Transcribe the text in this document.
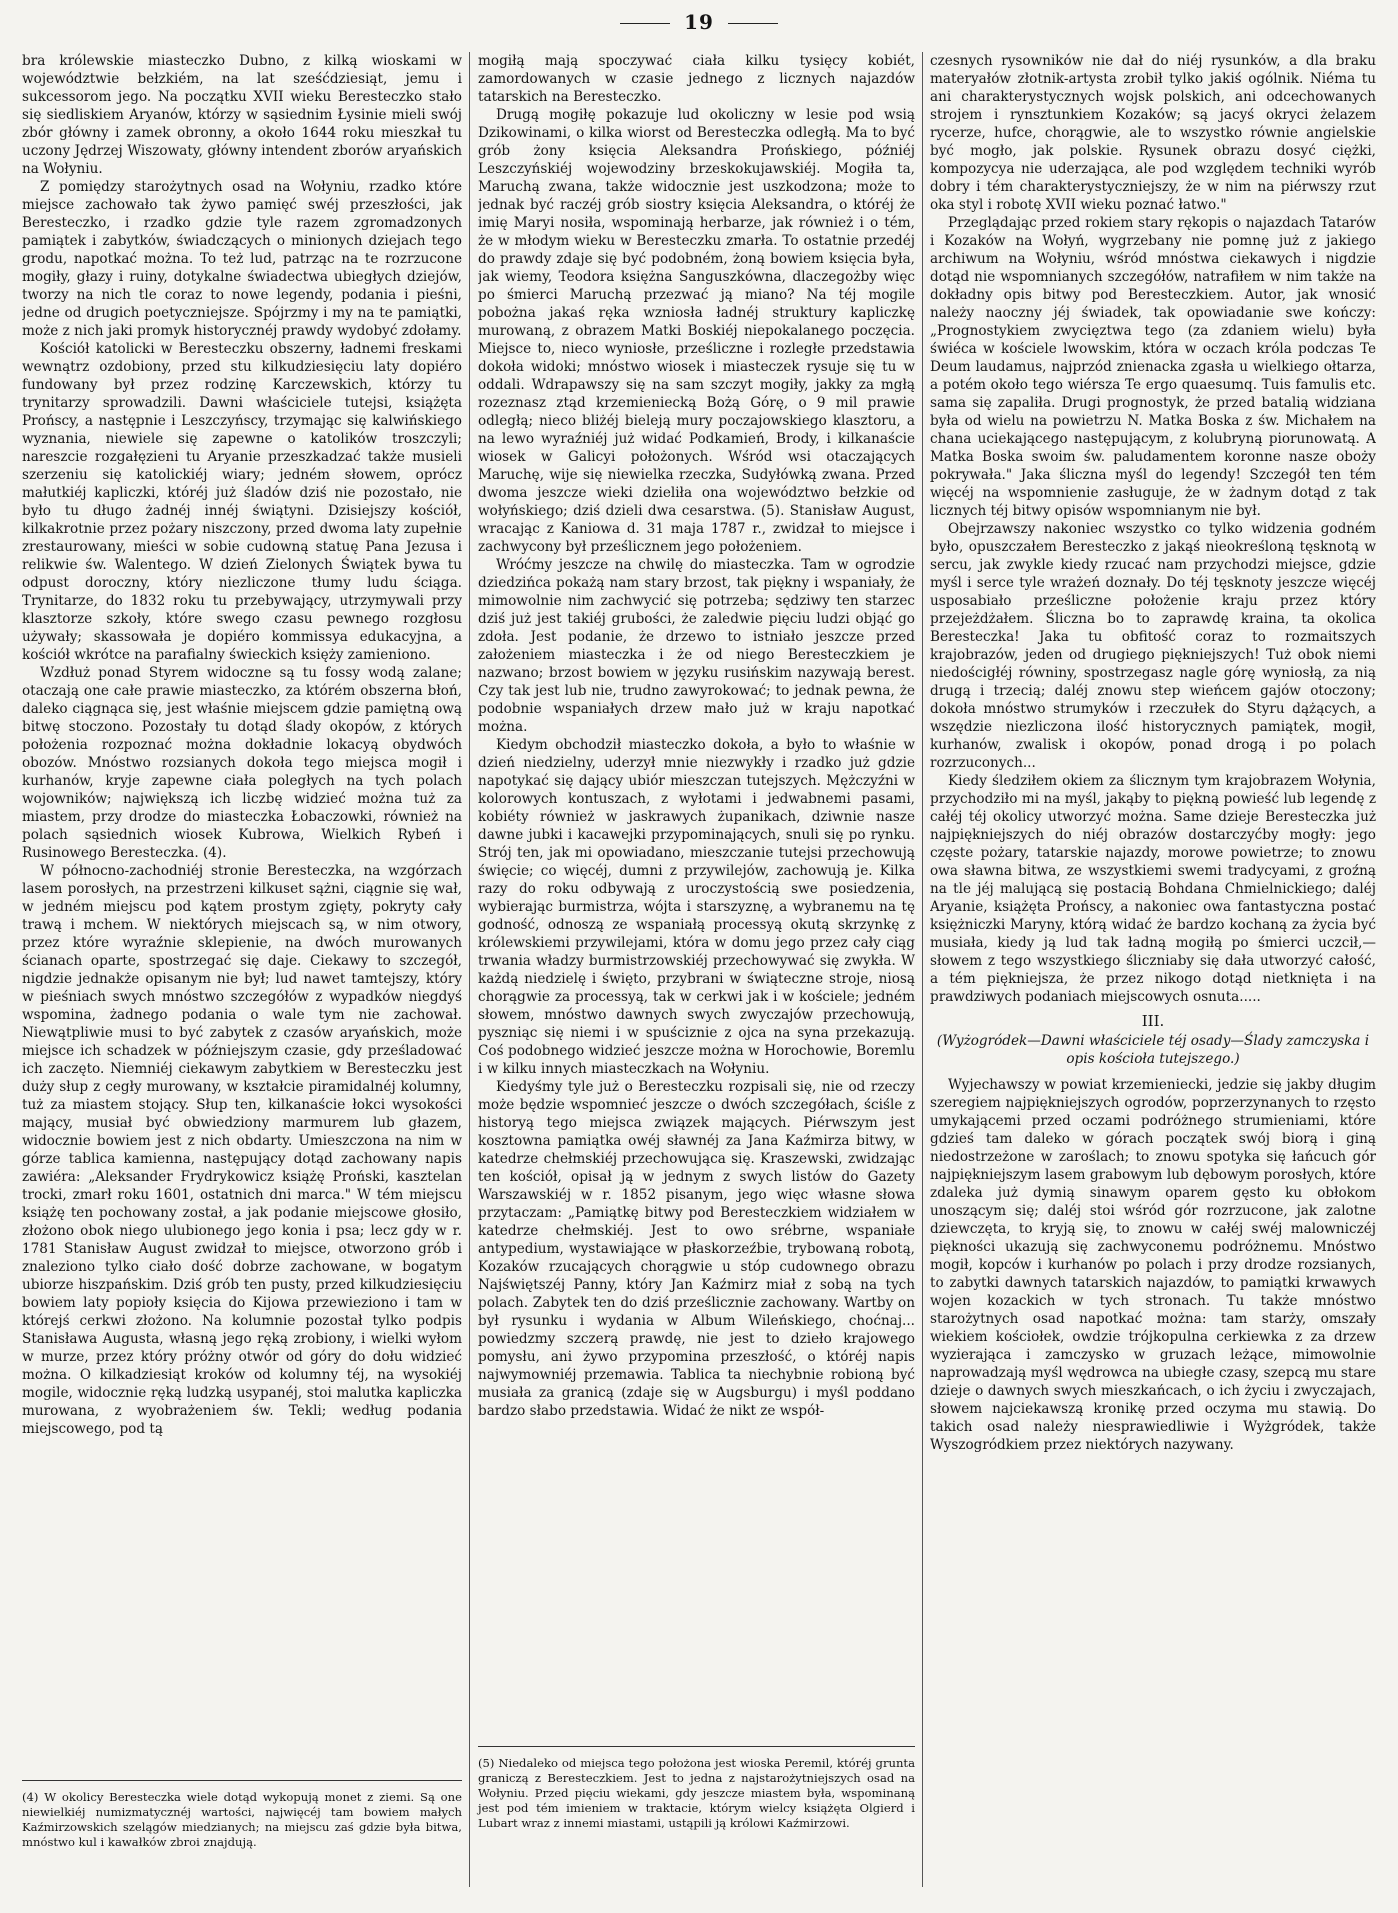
19

bra królewskie miasteczko Dubno, z kilką wioskami w województwie bełzkiém, na lat sześćdziesiąt, jemu i sukcessorom jego. Na początku XVII wieku Beresteczko stało się siedliskiem Aryanów, którzy w sąsiednim Łysinie mieli swój zbór główny i zamek obronny, a około 1644 roku mieszkał tu uczony Jędrzej Wiszowaty, główny intendent zborów aryańskich na Wołyniu.

Z pomiędzy starożytnych osad na Wołyniu, rzadko które miejsce zachowało tak żywo pamięć swéj przeszłości, jak Beresteczko, i rzadko gdzie tyle razem zgromadzonych pamiątek i zabytków, świadczących o minionych dziejach tego grodu, napotkać można. To też lud, patrząc na te rozrzucone mogiły, głazy i ruiny, dotykalne świadectwa ubiegłych dziejów, tworzy na nich tle coraz to nowe legendy, podania i pieśni, jedne od drugich poetyczniejsze. Spójrzmy i my na te pamiątki, może z nich jaki promyk historycznéj prawdy wydobyć zdołamy.

Kościół katolicki w Beresteczku obszerny, ładnemi freskami wewnątrz ozdobiony, przed stu kilkudziesięciu laty dopiéro fundowany był przez rodzinę Karczewskich, którzy tu trynitarzy sprowadzili. Dawni właściciele tutejsi, książęta Prońscy, a następnie i Leszczyńscy, trzymając się kalwińskiego wyznania, niewiele się zapewne o katolików troszczyli; nareszcie rozgałęzieni tu Aryanie przeszkadzać także musieli szerzeniu się katolickiéj wiary; jedném słowem, oprócz małutkiéj kapliczki, któréj już śladów dziś nie pozostało, nie było tu długo żadnéj innéj świątyni. Dzisiejszy kościół, kilkakrotnie przez pożary niszczony, przed dwoma laty zupełnie zrestaurowany, mieści w sobie cudowną statuę Pana Jezusa i relikwie św. Walentego. W dzień Zielonych Świątek bywa tu odpust doroczny, który niezliczone tłumy ludu ściąga. Trynitarze, do 1832 roku tu przebywający, utrzymywali przy klasztorze szkoły, które swego czasu pewnego rozgłosu używały; skassowała je dopiéro kommissya edukacyjna, a kościół wkrótce na parafialny świeckich księży zamieniono.

Wzdłuż ponad Styrem widoczne są tu fossy wodą zalane; otaczają one całe prawie miasteczko, za którém obszerna błoń, daleko ciągnąca się, jest właśnie miejscem gdzie pamiętną ową bitwę stoczono. Pozostały tu dotąd ślady okopów, z których położenia rozpoznać można dokładnie lokacyą obydwóch obozów. Mnóstwo rozsianych dokoła tego miejsca mogił i kurhanów, kryje zapewne ciała poległych na tych polach wojowników; największą ich liczbę widzieć można tuż za miastem, przy drodze do miasteczka Łobaczowki, również na polach sąsiednich wiosek Kubrowa, Wielkich Rybeń i Rusinowego Beresteczka. (4).

W północno-zachodniéj stronie Beresteczka, na wzgórzach lasem porosłych, na przestrzeni kilkuset sążni, ciągnie się wał, w jedném miejscu pod kątem prostym zgięty, pokryty cały trawą i mchem. W niektórych miejscach są, w nim otwory, przez które wyraźnie sklepienie, na dwóch murowanych ścianach oparte, spostrzegać się daje. Ciekawy to szczegół, nigdzie jednakże opisanym nie był; lud nawet tamtejszy, który w pieśniach swych mnóstwo szczegółów z wypadków niegdyś wspomina, żadnego podania o wale tym nie zachował. Niewątpliwie musi to być zabytek z czasów aryańskich, może miejsce ich schadzek w późniejszym czasie, gdy prześladować ich zaczęto. Niemniéj ciekawym zabytkiem w Beresteczku jest duży słup z cegły murowany, w kształcie piramidalnéj kolumny, tuż za miastem stojący. Słup ten, kilkanaście łokci wysokości mający, musiał być obwiedziony marmurem lub głazem, widocznie bowiem jest z nich obdarty. Umieszczona na nim w górze tablica kamienna, następujący dotąd zachowany napis zawiéra: „Aleksander Frydrykowicz książę Proński, kasztelan trocki, zmarł roku 1601, ostatnich dni marca." W tém miejscu książę ten pochowany został, a jak podanie miejscowe głosiło, złożono obok niego ulubionego jego konia i psa; lecz gdy w r. 1781 Stanisław August zwidzał to miejsce, otworzono grób i znaleziono tylko ciało dość dobrze zachowane, w bogatym ubiorze hiszpańskim. Dziś grób ten pusty, przed kilkudziesięciu bowiem laty popioły księcia do Kijowa przewieziono i tam w którejś cerkwi złożono. Na kolumnie pozostał tylko podpis Stanisława Augusta, własną jego ręką zrobiony, i wielki wyłom w murze, przez który próżny otwór od góry do dołu widzieć można. O kilkadziesiąt kroków od kolumny téj, na wysokiéj mogile, widocznie ręką ludzką usypanéj, stoi malutka kapliczka murowana, z wyobrażeniem św. Tekli; według podania miejscowego, pod tą

mogiłą mają spoczywać ciała kilku tysięcy kobiét, zamordowanych w czasie jednego z licznych najazdów tatarskich na Beresteczko.

Drugą mogiłę pokazuje lud okoliczny w lesie pod wsią Dzikowinami, o kilka wiorst od Beresteczka odległą. Ma to być grób żony księcia Aleksandra Prońskiego, późniéj Leszczyńskiéj wojewodziny brzeskokujawskiéj. Mogiła ta, Maruchą zwana, także widocznie jest uszkodzona; może to jednak być raczéj grób siostry księcia Aleksandra, o któréj że imię Maryi nosiła, wspominają herbarze, jak również i o tém, że w młodym wieku w Beresteczku zmarła. To ostatnie przedéj do prawdy zdaje się być podobném, żoną bowiem księcia była, jak wiemy, Teodora księżna Sanguszkówna, dlaczegożby więc po śmierci Maruchą przezwać ją miano? Na téj mogile pobożna jakaś ręka wzniosła ładnéj struktury kapliczkę murowaną, z obrazem Matki Boskiéj niepokalanego poczęcia. Miejsce to, nieco wyniosłe, prześliczne i rozległe przedstawia dokoła widoki; mnóstwo wiosek i miasteczek rysuje się tu w oddali. Wdrapawszy się na sam szczyt mogiły, jakky za mgłą rozeznasz ztąd krzemieniecką Bożą Górę, o 9 mil prawie odległą; nieco bliżéj bieleją mury poczajowskiego klasztoru, a na lewo wyraźniéj już widać Podkamień, Brody, i kilkanaście wiosek w Galicyi położonych. Wśród wsi otaczających Maruchę, wije się niewielka rzeczka, Sudyłówką zwana. Przed dwoma jeszcze wieki dzieliła ona województwo bełzkie od wołyńskiego; dziś dzieli dwa cesarstwa. (5). Stanisław August, wracając z Kaniowa d. 31 maja 1787 r., zwidzał to miejsce i zachwycony był prześlicznem jego położeniem.

Wróćmy jeszcze na chwilę do miasteczka. Tam w ogrodzie dziedzińca pokażą nam stary brzost, tak piękny i wspaniały, że mimowolnie nim zachwycić się potrzeba; sędziwy ten starzec dziś już jest takiéj grubości, że zaledwie pięciu ludzi objąć go zdoła. Jest podanie, że drzewo to istniało jeszcze przed założeniem miasteczka i że od niego Beresteczkiem je nazwano; brzost bowiem w języku rusińskim nazywają berest. Czy tak jest lub nie, trudno zawyrokować; to jednak pewna, że podobnie wspaniałych drzew mało już w kraju napotkać można.

Kiedym obchodził miasteczko dokoła, a było to właśnie w dzień niedzielny, uderzył mnie niezwykły i rzadko już gdzie napotykać się dający ubiór mieszczan tutejszych. Mężczyźni w kolorowych kontuszach, z wyłotami i jedwabnemi pasami, kobiéty również w jaskrawych żupanikach, dziwnie nasze dawne jubki i kacawejki przypominających, snuli się po rynku. Strój ten, jak mi opowiadano, mieszczanie tutejsi przechowują święcie; co więcéj, dumni z przywilejów, zachowują je. Kilka razy do roku odbywają z uroczystością swe posiedzenia, wybierając burmistrza, wójta i starszyznę, a wybranemu na tę godność, odnoszą ze wspaniałą processyą okutą skrzynkę z królewskiemi przywilejami, która w domu jego przez cały ciąg trwania władzy burmistrzowskiéj przechowywać się zwykła. W każdą niedzielę i święto, przybrani w świąteczne stroje, niosą chorągwie za processyą, tak w cerkwi jak i w kościele; jedném słowem, mnóstwo dawnych swych zwyczajów przechowują, pyszniąc się niemi i w spuściznie z ojca na syna przekazują. Coś podobnego widzieć jeszcze można w Horochowie, Boremlu i w kilku innych miasteczkach na Wołyniu.

Kiedyśmy tyle już o Beresteczku rozpisali się, nie od rzeczy może będzie wspomnieć jeszcze o dwóch szczegółach, ściśle z historyą tego miejsca związek mających. Piérwszym jest kosztowna pamiątka owéj sławnéj za Jana Kaźmirza bitwy, w katedrze chełmskiéj przechowująca się. Kraszewski, zwidzając ten kościół, opisał ją w jednym z swych listów do Gazety Warszawskiéj w r. 1852 pisanym, jego więc własne słowa przytaczam: „Pamiątkę bitwy pod Beresteczkiem widziałem w katedrze chełmskiéj. Jest to owo srébrne, wspaniałe antypedium, wystawiające w płaskorzeźbie, trybowaną robotą, Kozaków rzucających chorągwie u stóp cudownego obrazu Najświętszéj Panny, który Jan Kaźmirz miał z sobą na tych polach. Zabytek ten do dziś prześlicznie zachowany. Wartby on był rysunku i wydania w Album Wileńskiego, choćnaj... powiedzmy szczerą prawdę, nie jest to dzieło krajowego pomysłu, ani żywo przypomina przeszłość, o któréj napis najwymowniéj przemawia. Tablica ta niechybnie robioną być musiała za granicą (zdaje się w Augsburgu) i myśl poddano bardzo słabo przedstawia. Widać że nikt ze współ-

czesnych rysowników nie dał do niéj rysunków, a dla braku materyałów złotnik-artysta zrobił tylko jakiś ogólnik. Niéma tu ani charakterystycznych wojsk polskich, ani odcechowanych strojem i rynsztunkiem Kozaków; są jacyś okryci żelazem rycerze, hufce, chorągwie, ale to wszystko równie angielskie być mogło, jak polskie. Rysunek obrazu dosyć ciężki, kompozycya nie uderzająca, ale pod względem techniki wyrób dobry i tém charakterystyczniejszy, że w nim na piérwszy rzut oka styl i robotę XVII wieku poznać łatwo."

Przeglądając przed rokiem stary rękopis o najazdach Tatarów i Kozaków na Wołyń, wygrzebany nie pomnę już z jakiego archiwum na Wołyniu, wśród mnóstwa ciekawych i nigdzie dotąd nie wspomnianych szczegółów, natrafiłem w nim także na dokładny opis bitwy pod Beresteczkiem. Autor, jak wnosić należy naoczny jéj świadek, tak opowiadanie swe kończy: „Prognostykiem zwycięztwa tego (za zdaniem wielu) była świéca w kościele lwowskim, która w oczach króla podczas Te Deum laudamus, najprzód znienacka zgasła u wielkiego ołtarza, a potém około tego wiérsza Te ergo quaesumq. Tuis famulis etc. sama się zapaliła. Drugi prognostyk, że przed batalią widziana była od wielu na powietrzu N. Matka Boska z św. Michałem na chana uciekającego następującym, z kolubryną piorunowatą. A Matka Boska swoim św. paludamentem koronne nasze oboży pokrywała." Jaka śliczna myśl do legendy! Szczegół ten tém więcéj na wspomnienie zasługuje, że w żadnym dotąd z tak licznych téj bitwy opisów wspomnianym nie był.

Obejrzawszy nakoniec wszystko co tylko widzenia godném było, opuszczałem Beresteczko z jakąś nieokreśloną tęsknotą w sercu, jak zwykle kiedy rzucać nam przychodzi miejsce, gdzie myśl i serce tyle wrażeń doznały. Do téj tęsknoty jeszcze więcéj usposabiało prześliczne położenie kraju przez który przejeżdżałem. Śliczna bo to zaprawdę kraina, ta okolica Beresteczka! Jaka tu obfitość coraz to rozmaitszych krajobrazów, jeden od drugiego piękniejszych! Tuż obok niemi niedościgłéj równiny, spostrzegasz nagle górę wyniosłą, za nią drugą i trzecią; daléj znowu step wieńcem gajów otoczony; dokoła mnóstwo strumyków i rzeczułek do Styru dążących, a wszędzie niezliczona ilość historycznych pamiątek, mogił, kurhanów, zwalisk i okopów, ponad drogą i po polach rozrzuconych...

Kiedy śledziłem okiem za ślicznym tym krajobrazem Wołynia, przychodziło mi na myśl, jakąby to piękną powieść lub legendę z całéj téj okolicy utworzyć można. Same dzieje Beresteczka już najpiękniejszych do niéj obrazów dostarczyćby mogły: jego częste pożary, tatarskie najazdy, morowe powietrze; to znowu owa sławna bitwa, ze wszystkiemi swemi tradycyami, z groźną na tle jéj malującą się postacią Bohdana Chmielnickiego; daléj Aryanie, książęta Prońscy, a nakoniec owa fantastyczna postać księżniczki Maryny, którą widać że bardzo kochaną za życia być musiała, kiedy ją lud tak ładną mogiłą po śmierci uczcił,—słowem z tego wszystkiego śliczniaby się dała utworzyć całość, a tém piękniejsza, że przez nikogo dotąd nietknięta i na prawdziwych podaniach miejscowych osnuta.....

III.
(Wyżogródek—Dawni właściciele téj osady—Ślady zamczyska i opis kościoła tutejszego.)

Wyjechawszy w powiat krzemieniecki, jedzie się jakby długim szeregiem najpiękniejszych ogrodów, poprzerzynanych to rzęsto umykającemi przed oczami podróżnego strumieniami, które gdzieś tam daleko w górach początek swój biorą i giną niedostrzeżone w zaroślach; to znowu spotyka się łańcuch gór najpiękniejszym lasem grabowym lub dębowym porosłych, które zdaleka już dymią sinawym oparem gęsto ku obłokom unoszącym się; daléj stoi wśród gór rozrzucone, jak zalotne dziewczęta, to kryją się, to znowu w całéj swéj malowniczéj piękności ukazują się zachwyconemu podróżnemu. Mnóstwo mogił, kopców i kurhanów po polach i przy drodze rozsianych, to zabytki dawnych tatarskich najazdów, to pamiątki krwawych wojen kozackich w tych stronach. Tu także mnóstwo starożytnych osad napotkać można: tam starży, omszały wiekiem kościołek, owdzie trójkopulna cerkiewka z za drzew wyzierająca i zamczysko w gruzach leżące, mimowolnie naprowadzają myśl wędrowca na ubiegłe czasy, szepcą mu stare dzieje o dawnych swych mieszkańcach, o ich życiu i zwyczajach, słowem najciekawszą kronikę przed oczyma mu stawią. Do takich osad należy niesprawiedliwie i Wyżgródek, także Wyszogródkiem przez niektórych nazywany.

(4) W okolicy Beresteczka wiele dotąd wykopują monet z ziemi. Są one niewielkiéj numizmatycznéj wartości, najwięcéj tam bowiem małych Kaźmirzowskich szelągów miedzianych; na miejscu zaś gdzie była bitwa, mnóstwo kul i kawałków zbroi znajdują.
(5) Niedaleko od miejsca tego położona jest wioska Peremil, któréj grunta graniczą z Beresteczkiem. Jest to jedna z najstarożytniejszych osad na Wołyniu. Przed pięciu wiekami, gdy jeszcze miastem była, wspominaną jest pod tém imieniem w traktacie, którym wielcy książęta Olgierd i Lubart wraz z innemi miastami, ustąpili ją królowi Kaźmirzowi.
